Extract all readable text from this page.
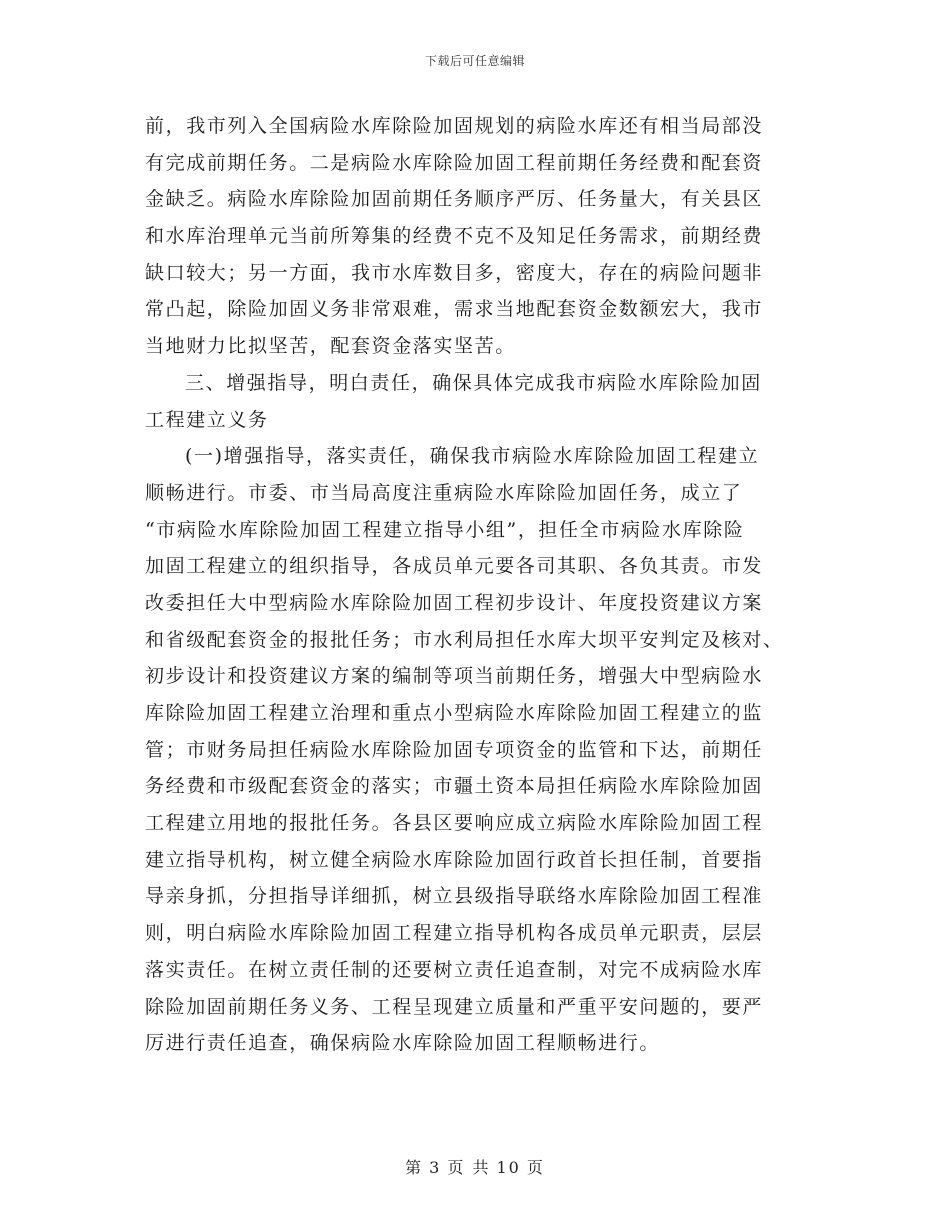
下载后可任意编辑
前，我市列入全国病险水库除险加固规划的病险水库还有相当局部没
有完成前期任务。二是病险水库除险加固工程前期任务经费和配套资
金缺乏。病险水库除险加固前期任务顺序严厉、任务量大，有关县区
和水库治理单元当前所筹集的经费不克不及知足任务需求，前期经费
缺口较大；另一方面，我市水库数目多，密度大，存在的病险问题非
常凸起，除险加固义务非常艰难，需求当地配套资金数额宏大，我市
当地财力比拟坚苦，配套资金落实坚苦。
三、增强指导，明白责任，确保具体完成我市病险水库除险加固
工程建立义务
(一)增强指导，落实责任，确保我市病险水库除险加固工程建立
顺畅进行。市委、市当局高度注重病险水库除险加固任务，成立了
“市病险水库除险加固工程建立指导小组”，担任全市病险水库除险
加固工程建立的组织指导，各成员单元要各司其职、各负其责。市发
改委担任大中型病险水库除险加固工程初步设计、年度投资建议方案
和省级配套资金的报批任务；市水利局担任水库大坝平安判定及核对、
初步设计和投资建议方案的编制等项当前期任务，增强大中型病险水
库除险加固工程建立治理和重点小型病险水库除险加固工程建立的监
管；市财务局担任病险水库除险加固专项资金的监管和下达，前期任
务经费和市级配套资金的落实；市疆土资本局担任病险水库除险加固
工程建立用地的报批任务。各县区要响应成立病险水库除险加固工程
建立指导机构，树立健全病险水库除险加固行政首长担任制，首要指
导亲身抓，分担指导详细抓，树立县级指导联络水库除险加固工程准
则，明白病险水库除险加固工程建立指导机构各成员单元职责，层层
落实责任。在树立责任制的还要树立责任追查制，对完不成病险水库
除险加固前期任务义务、工程呈现建立质量和严重平安问题的，要严
厉进行责任追查，确保病险水库除险加固工程顺畅进行。
第 3 页 共 10 页
